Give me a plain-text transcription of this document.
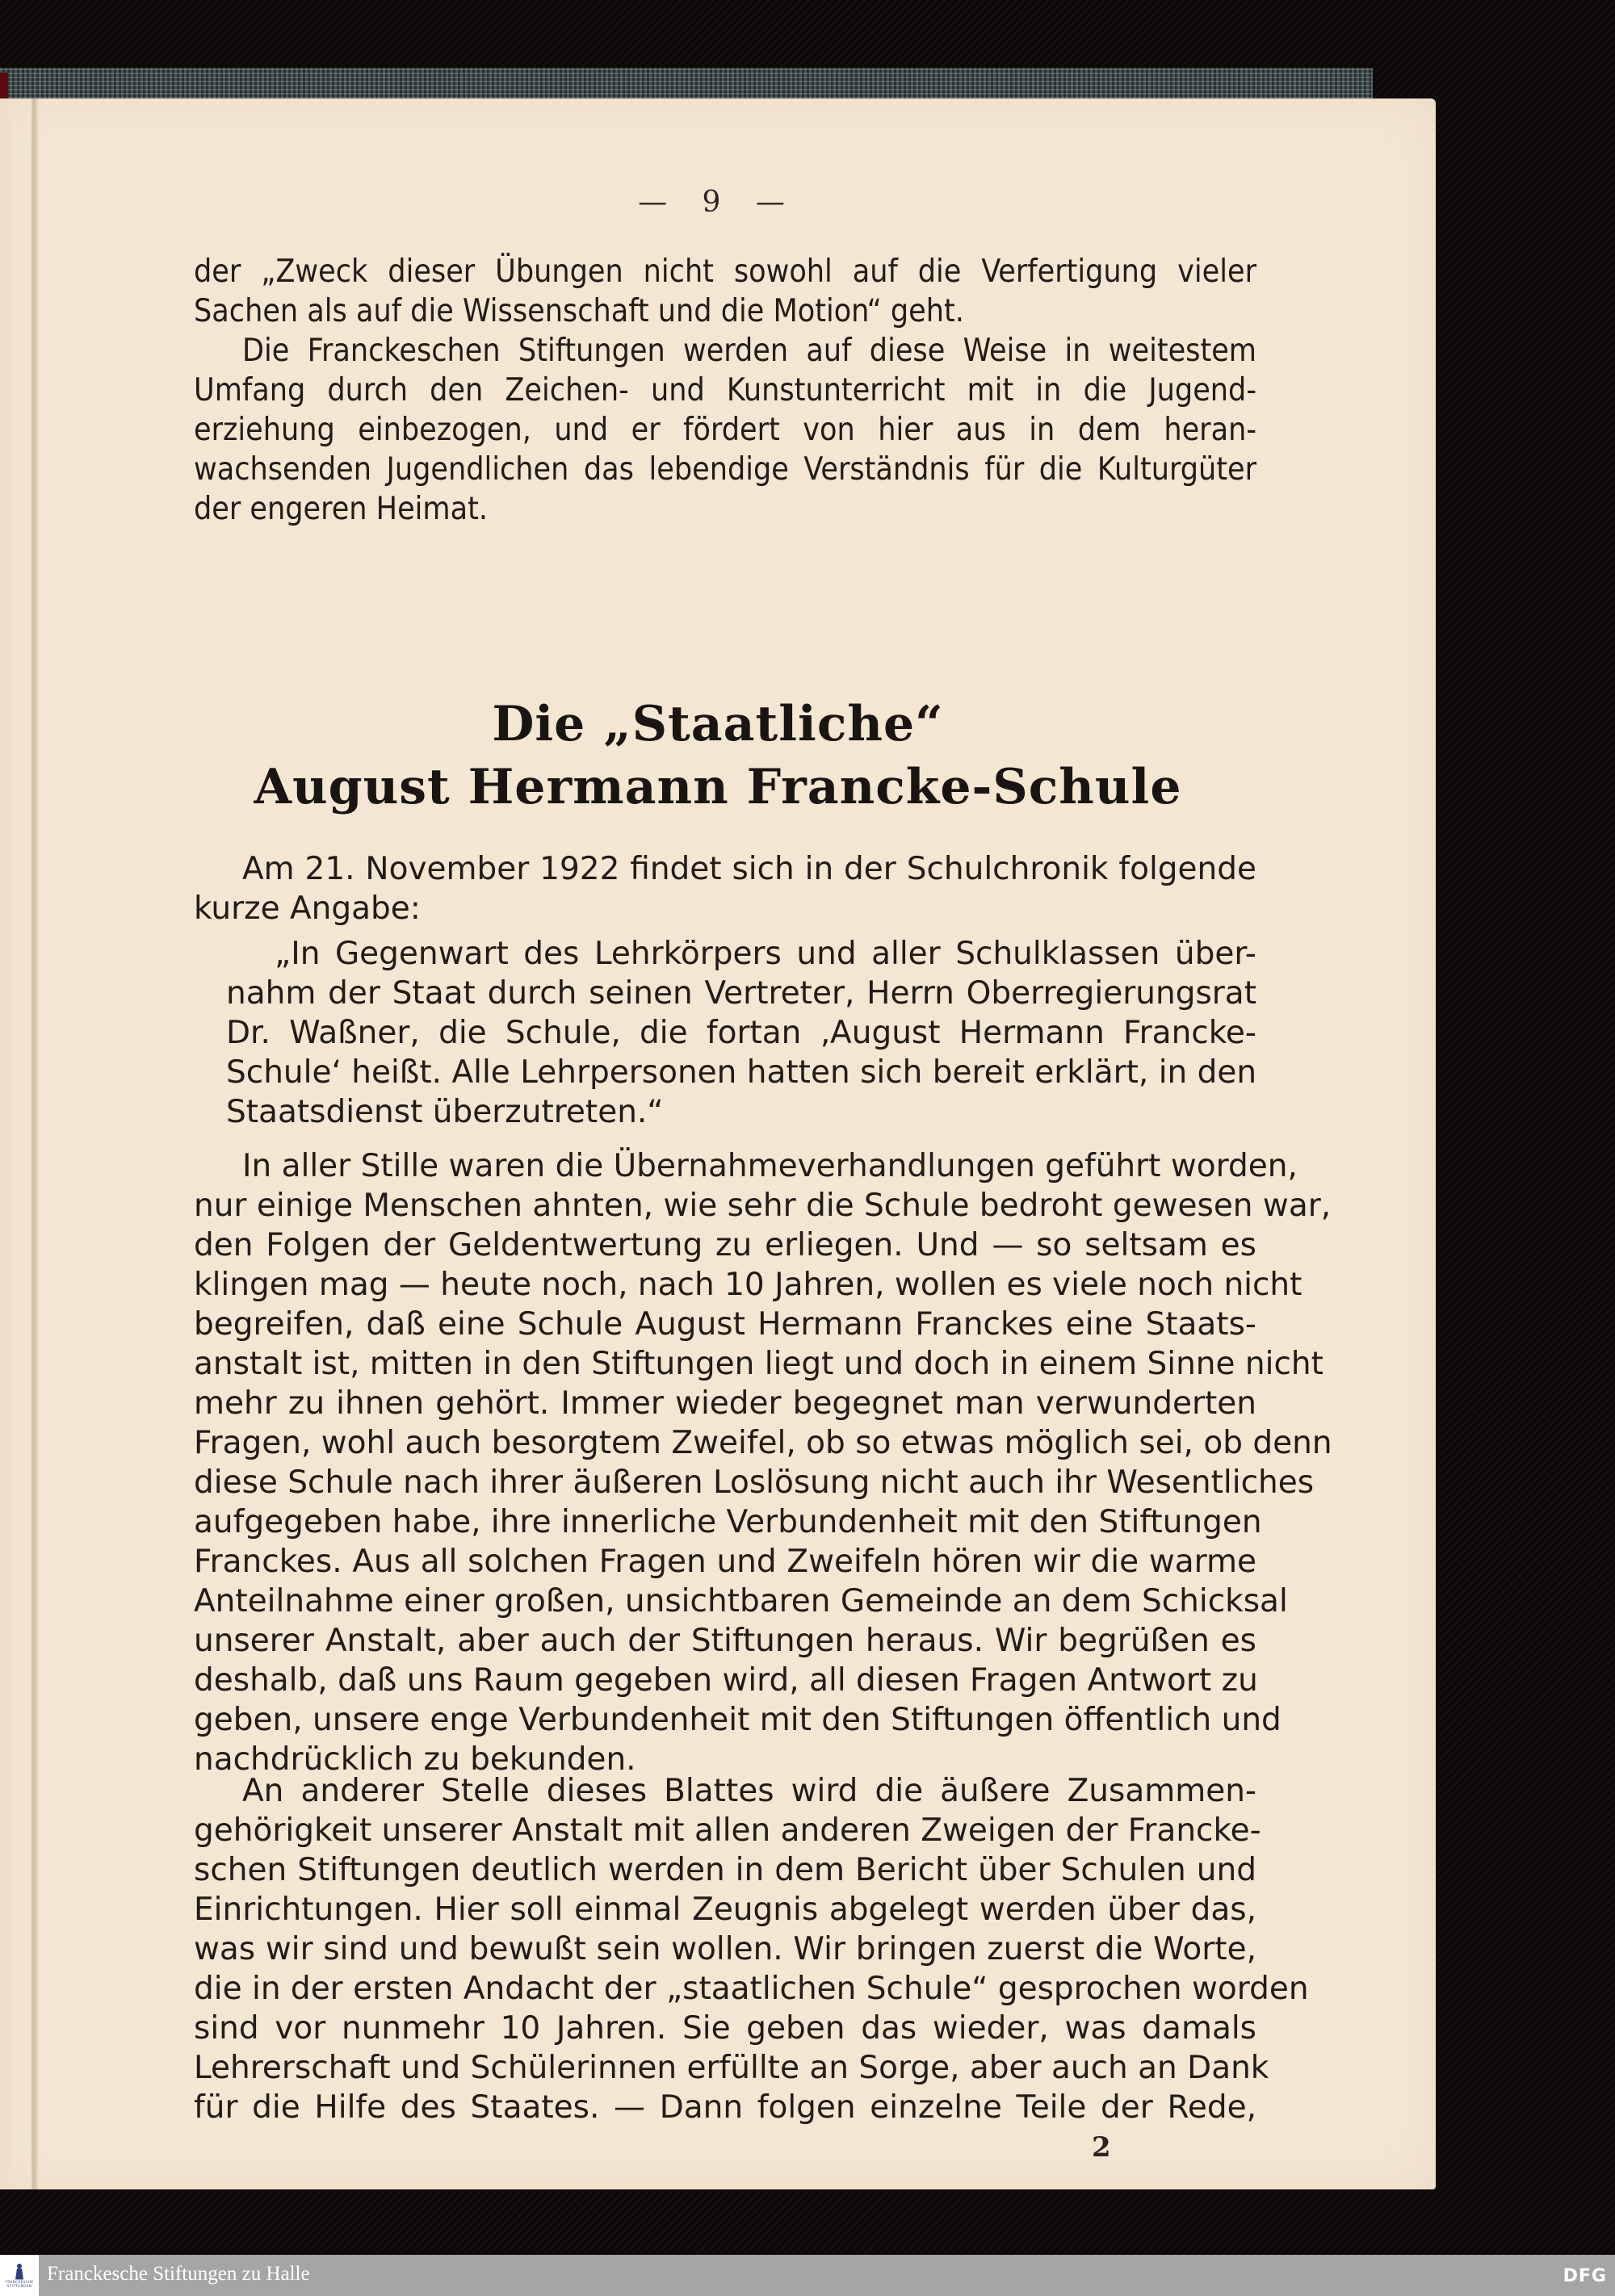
— 9 —
der „Zweck dieser Übungen nicht sowohl auf die Verfertigung vieler
Sachen als auf die Wissenschaft und die Motion“ geht.
Die Franckeschen Stiftungen werden auf diese Weise in weitestem
Umfang durch den Zeichen- und Kunstunterricht mit in die Jugend-
erziehung einbezogen, und er fördert von hier aus in dem heran-
wachsenden Jugendlichen das lebendige Verständnis für die Kulturgüter
der engeren Heimat.
Die „Staatliche“
August Hermann Francke-Schule
Am 21. November 1922 findet sich in der Schulchronik folgende
kurze Angabe:
„In Gegenwart des Lehrkörpers und aller Schulklassen über-
nahm der Staat durch seinen Vertreter, Herrn Oberregierungsrat
Dr. Waßner, die Schule, die fortan ‚August Hermann Francke-
Schule‘ heißt. Alle Lehrpersonen hatten sich bereit erklärt, in den
Staatsdienst überzutreten.“
In aller Stille waren die Übernahmeverhandlungen geführt worden,
nur einige Menschen ahnten, wie sehr die Schule bedroht gewesen war,
den Folgen der Geldentwertung zu erliegen. Und — so seltsam es
klingen mag — heute noch, nach 10 Jahren, wollen es viele noch nicht
begreifen, daß eine Schule August Hermann Franckes eine Staats-
anstalt ist, mitten in den Stiftungen liegt und doch in einem Sinne nicht
mehr zu ihnen gehört. Immer wieder begegnet man verwunderten
Fragen, wohl auch besorgtem Zweifel, ob so etwas möglich sei, ob denn
diese Schule nach ihrer äußeren Loslösung nicht auch ihr Wesentliches
aufgegeben habe, ihre innerliche Verbundenheit mit den Stiftungen
Franckes. Aus all solchen Fragen und Zweifeln hören wir die warme
Anteilnahme einer großen, unsichtbaren Gemeinde an dem Schicksal
unserer Anstalt, aber auch der Stiftungen heraus. Wir begrüßen es
deshalb, daß uns Raum gegeben wird, all diesen Fragen Antwort zu
geben, unsere enge Verbundenheit mit den Stiftungen öffentlich und
nachdrücklich zu bekunden.
An anderer Stelle dieses Blattes wird die äußere Zusammen-
gehörigkeit unserer Anstalt mit allen anderen Zweigen der Francke-
schen Stiftungen deutlich werden in dem Bericht über Schulen und
Einrichtungen. Hier soll einmal Zeugnis abgelegt werden über das,
was wir sind und bewußt sein wollen. Wir bringen zuerst die Worte,
die in der ersten Andacht der „staatlichen Schule“ gesprochen worden
sind vor nunmehr 10 Jahren. Sie geben das wieder, was damals
Lehrerschaft und Schülerinnen erfüllte an Sorge, aber auch an Dank
für die Hilfe des Staates. — Dann folgen einzelne Teile der Rede,
2
FRANCKESCHE
STIFTUNGEN
Franckesche Stiftungen zu Halle	DFG
